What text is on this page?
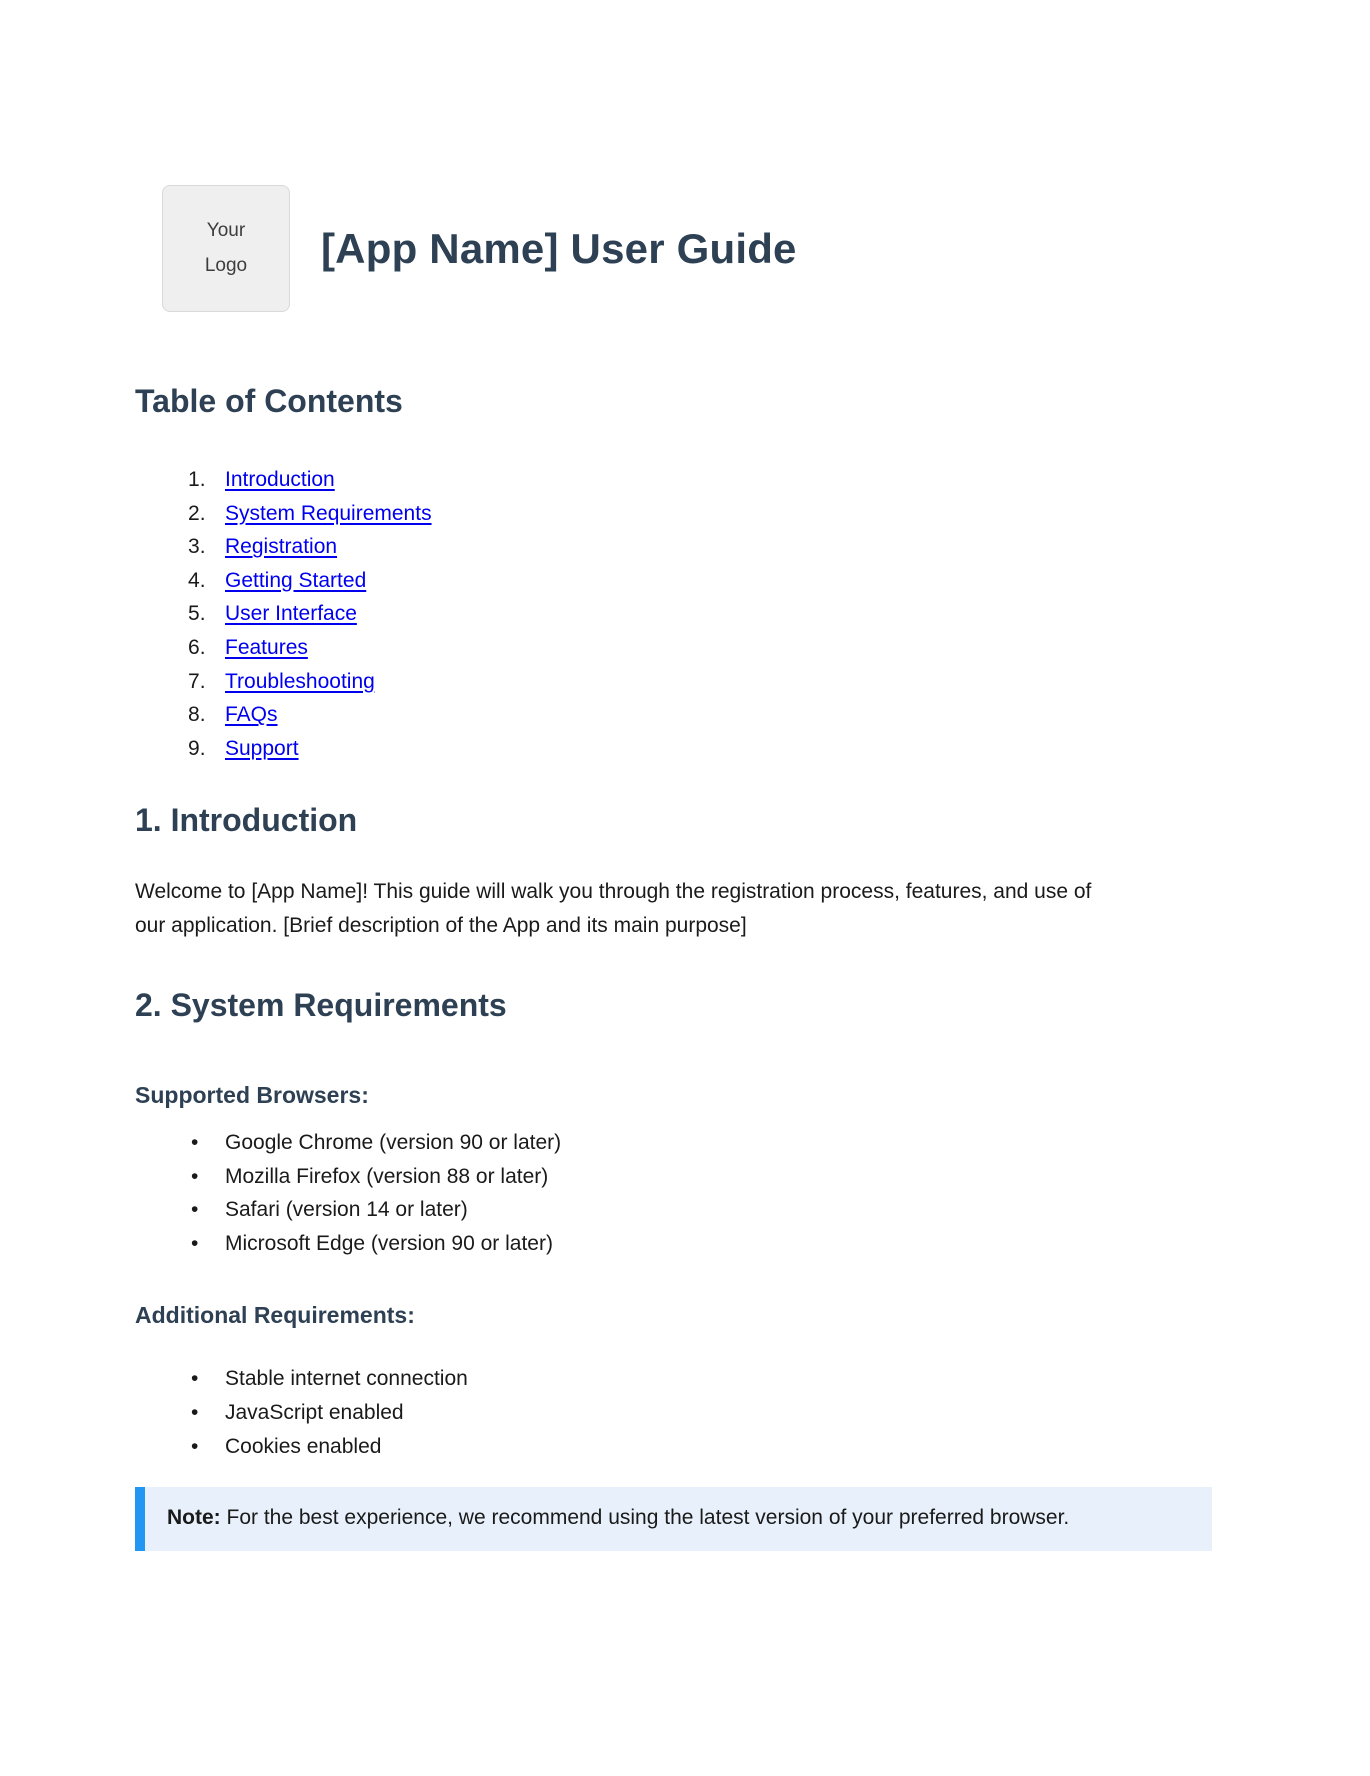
Your
Logo [App Name] User Guide
Table of Contents
Introduction
System Requirements
Registration
Getting Started
User Interface
Features
Troubleshooting
FAQs
Support
1. Introduction

Welcome to [App Name]! This guide will walk you through the registration process, features, and use of our application. [Brief description of the App and its main purpose]

2. System Requirements
Supported Browsers:
• Google Chrome (version 90 or later)
• Mozilla Firefox (version 88 or later)
• Safari (version 14 or later)
• Microsoft Edge (version 90 or later)
Additional Requirements:
• Stable internet connection
• JavaScript enabled
• Cookies enabled
Note: For the best experience, we recommend using the latest version of your preferred browser.
